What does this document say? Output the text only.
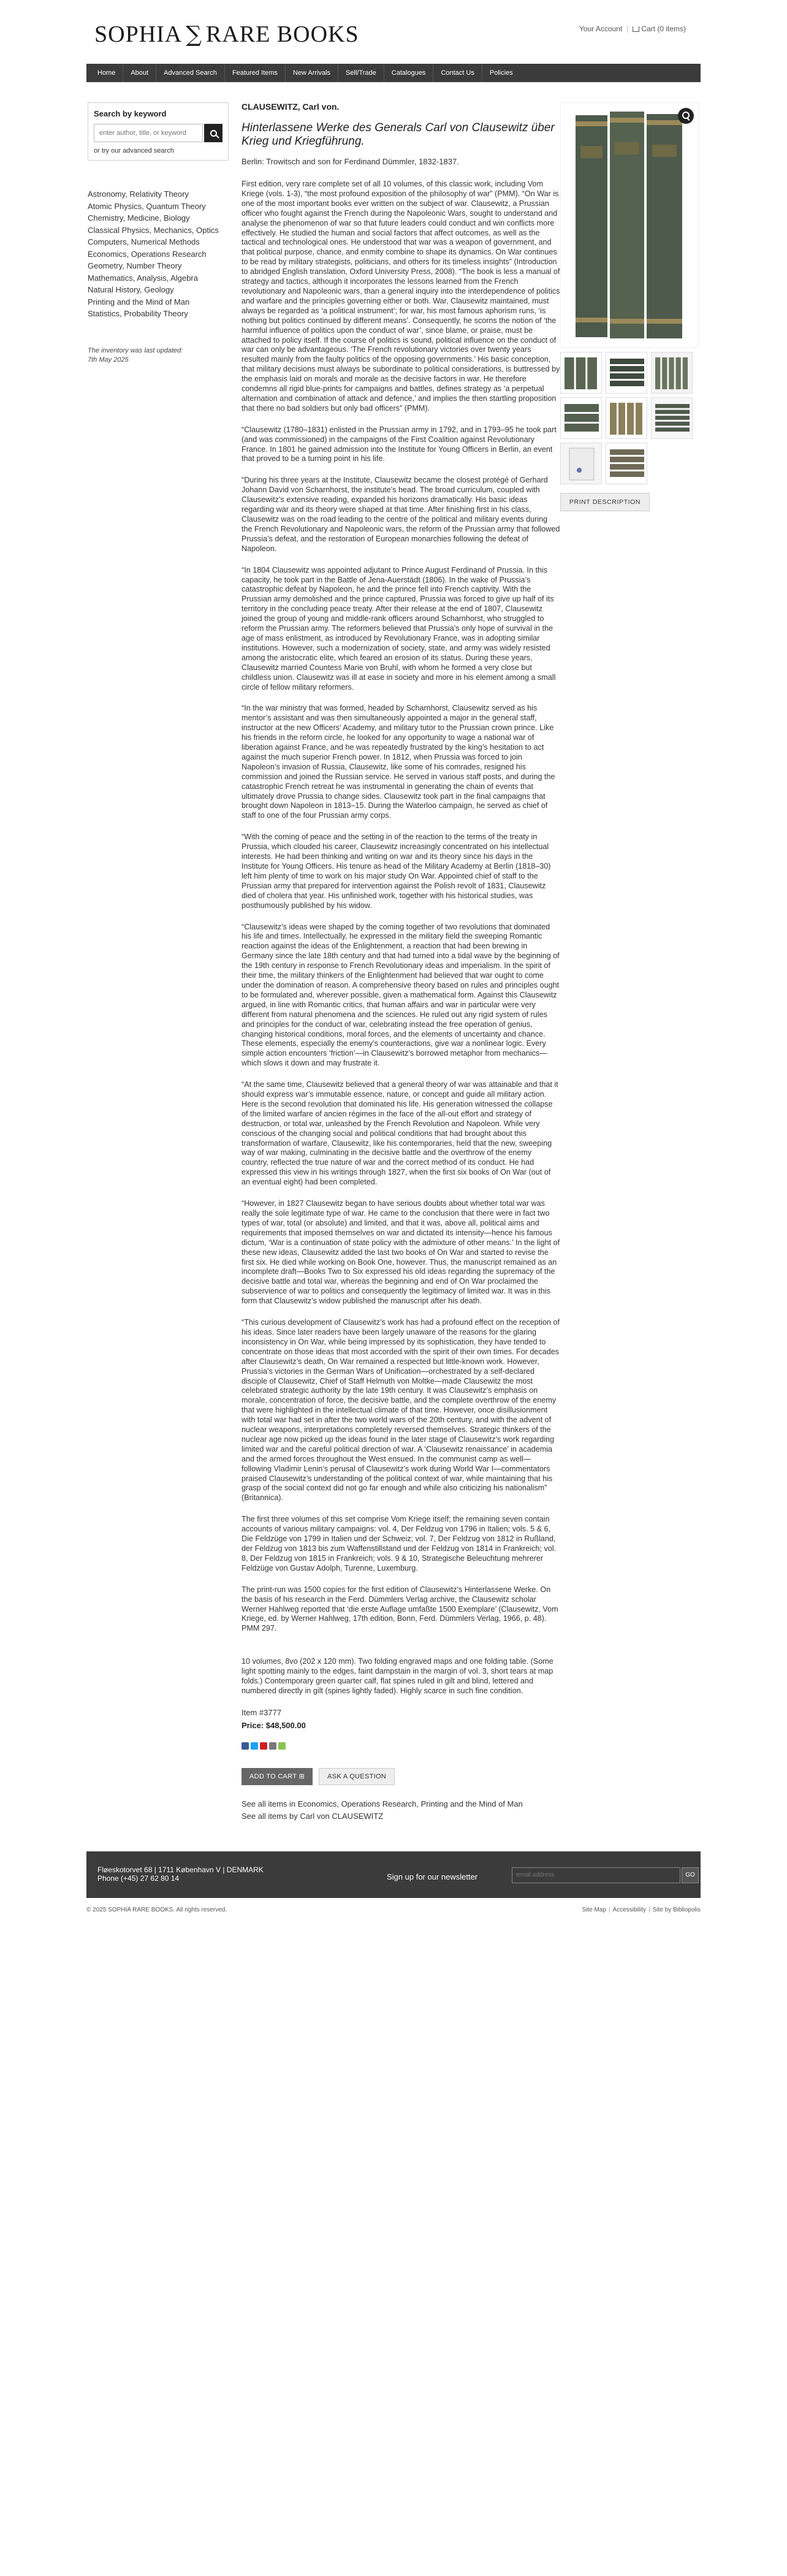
SOPHIA ∑ RARE BOOKS	Your Account | Cart (0 items)
Home	About	Advanced Search	Featured Items	New Arrivals	Sell/Trade	Catalogues	Contact Us	Policies
Search by keyword
enter author, title, or keyword
or try our advanced search
Astronomy, Relativity Theory
Atomic Physics, Quantum Theory
Chemistry, Medicine, Biology
Classical Physics, Mechanics, Optics
Computers, Numerical Methods
Economics, Operations Research
Geometry, Number Theory
Mathematics, Analysis, Algebra
Natural History, Geology
Printing and the Mind of Man
Statistics, Probability Theory
The inventory was last updated:
7th May 2025
CLAUSEWITZ, Carl von.
Hinterlassene Werke des Generals Carl von Clausewitz über Krieg und Kriegführung.
Berlin: Trowitsch and son for Ferdinand Dümmler, 1832-1837.

First edition, very rare complete set of all 10 volumes, of this classic work, including Vom Kriege (vols. 1-3), “the most profound exposition of the philosophy of war” (PMM). “On War is one of the most important books ever written on the subject of war. Clausewitz, a Prussian officer who fought against the French during the Napoleonic Wars, sought to understand and analyse the phenomenon of war so that future leaders could conduct and win conflicts more effectively. He studied the human and social factors that affect outcomes, as well as the tactical and technological ones. He understood that war was a weapon of government, and that political purpose, chance, and enmity combine to shape its dynamics. On War continues to be read by military strategists, politicians, and others for its timeless insights” (Introduction to abridged English translation, Oxford University Press, 2008). “The book is less a manual of strategy and tactics, although it incorporates the lessons learned from the French revolutionary and Napoleonic wars, than a general inquiry into the interdependence of politics and warfare and the principles governing either or both. War, Clausewitz maintained, must always be regarded as ‘a political instrument’; for war, his most famous aphorism runs, ‘is nothing but politics continued by different means’. Consequently, he scorns the notion of ‘the harmful influence of politics upon the conduct of war’, since blame, or praise, must be attached to policy itself. If the course of politics is sound, political influence on the conduct of war can only be advantageous. ‘The French revolutionary victories over twenty years resulted mainly from the faulty politics of the opposing governments.’ His basic conception, that military decisions must always be subordinate to political considerations, is buttressed by the emphasis laid on morals and morale as the decisive factors in war. He therefore condemns all rigid blue-prints for campaigns and battles, defines strategy as ‘a perpetual alternation and combination of attack and defence,’ and implies the then startling proposition that there no bad soldiers but only bad officers” (PMM).

“Clausewitz (1780–1831) enlisted in the Prussian army in 1792, and in 1793–95 he took part (and was commissioned) in the campaigns of the First Coalition against Revolutionary France. In 1801 he gained admission into the Institute for Young Officers in Berlin, an event that proved to be a turning point in his life.

“During his three years at the Institute, Clausewitz became the closest protégé of Gerhard Johann David von Scharnhorst, the institute’s head. The broad curriculum, coupled with Clausewitz’s extensive reading, expanded his horizons dramatically. His basic ideas regarding war and its theory were shaped at that time. After finishing first in his class, Clausewitz was on the road leading to the centre of the political and military events during the French Revolutionary and Napoleonic wars, the reform of the Prussian army that followed Prussia’s defeat, and the restoration of European monarchies following the defeat of Napoleon.

“In 1804 Clausewitz was appointed adjutant to Prince August Ferdinand of Prussia. In this capacity, he took part in the Battle of Jena-Auerstädt (1806). In the wake of Prussia’s catastrophic defeat by Napoleon, he and the prince fell into French captivity. With the Prussian army demolished and the prince captured, Prussia was forced to give up half of its territory in the concluding peace treaty. After their release at the end of 1807, Clausewitz joined the group of young and middle-rank officers around Scharnhorst, who struggled to reform the Prussian army. The reformers believed that Prussia’s only hope of survival in the age of mass enlistment, as introduced by Revolutionary France, was in adopting similar institutions. However, such a modernization of society, state, and army was widely resisted among the aristocratic elite, which feared an erosion of its status. During these years, Clausewitz married Countess Marie von Bruhl, with whom he formed a very close but childless union. Clausewitz was ill at ease in society and more in his element among a small circle of fellow military reformers.

“In the war ministry that was formed, headed by Scharnhorst, Clausewitz served as his mentor’s assistant and was then simultaneously appointed a major in the general staff, instructor at the new Officers’ Academy, and military tutor to the Prussian crown prince. Like his friends in the reform circle, he looked for any opportunity to wage a national war of liberation against France, and he was repeatedly frustrated by the king’s hesitation to act against the much superior French power. In 1812, when Prussia was forced to join Napoleon’s invasion of Russia, Clausewitz, like some of his comrades, resigned his commission and joined the Russian service. He served in various staff posts, and during the catastrophic French retreat he was instrumental in generating the chain of events that ultimately drove Prussia to change sides. Clausewitz took part in the final campaigns that brought down Napoleon in 1813–15. During the Waterloo campaign, he served as chief of staff to one of the four Prussian army corps.

“With the coming of peace and the setting in of the reaction to the terms of the treaty in Prussia, which clouded his career, Clausewitz increasingly concentrated on his intellectual interests. He had been thinking and writing on war and its theory since his days in the Institute for Young Officers. His tenure as head of the Military Academy at Berlin (1818–30) left him plenty of time to work on his major study On War. Appointed chief of staff to the Prussian army that prepared for intervention against the Polish revolt of 1831, Clausewitz died of cholera that year. His unfinished work, together with his historical studies, was posthumously published by his widow.

“Clausewitz’s ideas were shaped by the coming together of two revolutions that dominated his life and times. Intellectually, he expressed in the military field the sweeping Romantic reaction against the ideas of the Enlightenment, a reaction that had been brewing in Germany since the late 18th century and that had turned into a tidal wave by the beginning of the 19th century in response to French Revolutionary ideas and imperialism. In the spirit of their time, the military thinkers of the Enlightenment had believed that war ought to come under the domination of reason. A comprehensive theory based on rules and principles ought to be formulated and, wherever possible, given a mathematical form. Against this Clausewitz argued, in line with Romantic critics, that human affairs and war in particular were very different from natural phenomena and the sciences. He ruled out any rigid system of rules and principles for the conduct of war, celebrating instead the free operation of genius, changing historical conditions, moral forces, and the elements of uncertainty and chance. These elements, especially the enemy’s counteractions, give war a nonlinear logic. Every simple action encounters ‘friction’—in Clausewitz’s borrowed metaphor from mechanics—which slows it down and may frustrate it.

“At the same time, Clausewitz believed that a general theory of war was attainable and that it should express war’s immutable essence, nature, or concept and guide all military action. Here is the second revolution that dominated his life. His generation witnessed the collapse of the limited warfare of ancien régimes in the face of the all-out effort and strategy of destruction, or total war, unleashed by the French Revolution and Napoleon. While very conscious of the changing social and political conditions that had brought about this transformation of warfare, Clausewitz, like his contemporaries, held that the new, sweeping way of war making, culminating in the decisive battle and the overthrow of the enemy country, reflected the true nature of war and the correct method of its conduct. He had expressed this view in his writings through 1827, when the first six books of On War (out of an eventual eight) had been completed.

“However, in 1827 Clausewitz began to have serious doubts about whether total war was really the sole legitimate type of war. He came to the conclusion that there were in fact two types of war, total (or absolute) and limited, and that it was, above all, political aims and requirements that imposed themselves on war and dictated its intensity—hence his famous dictum, ‘War is a continuation of state policy with the admixture of other means.’ In the light of these new ideas, Clausewitz added the last two books of On War and started to revise the first six. He died while working on Book One, however. Thus, the manuscript remained as an incomplete draft—Books Two to Six expressed his old ideas regarding the supremacy of the decisive battle and total war, whereas the beginning and end of On War proclaimed the subservience of war to politics and consequently the legitimacy of limited war. It was in this form that Clausewitz’s widow published the manuscript after his death.

“This curious development of Clausewitz’s work has had a profound effect on the reception of his ideas. Since later readers have been largely unaware of the reasons for the glaring inconsistency in On War, while being impressed by its sophistication, they have tended to concentrate on those ideas that most accorded with the spirit of their own times. For decades after Clausewitz’s death, On War remained a respected but little-known work. However, Prussia’s victories in the German Wars of Unification—orchestrated by a self-declared disciple of Clausewitz, Chief of Staff Helmuth von Moltke—made Clausewitz the most celebrated strategic authority by the late 19th century. It was Clausewitz’s emphasis on morale, concentration of force, the decisive battle, and the complete overthrow of the enemy that were highlighted in the intellectual climate of that time. However, once disillusionment with total war had set in after the two world wars of the 20th century, and with the advent of nuclear weapons, interpretations completely reversed themselves. Strategic thinkers of the nuclear age now picked up the ideas found in the later stage of Clausewitz’s work regarding limited war and the careful political direction of war. A ‘Clausewitz renaissance’ in academia and the armed forces throughout the West ensued. In the communist camp as well—following Vladimir Lenin’s perusal of Clausewitz’s work during World War I—commentators praised Clausewitz’s understanding of the political context of war, while maintaining that his grasp of the social context did not go far enough and while also criticizing his nationalism” (Britannica).

The first three volumes of this set comprise Vom Kriege itself; the remaining seven contain accounts of various military campaigns: vol. 4, Der Feldzug von 1796 in Italien; vols. 5 & 6, Die Feldzüge von 1799 in Italien und der Schweiz; vol. 7, Der Feldzug von 1812 in Rußland, der Feldzug von 1813 bis zum Waffenstillstand und der Feldzug von 1814 in Frankreich; vol. 8, Der Feldzug von 1815 in Frankreich; vols. 9 & 10, Strategische Beleuchtung mehrerer Feldzüge von Gustav Adolph, Turenne, Luxemburg.

The print-run was 1500 copies for the first edition of Clausewitz’s Hinterlassene Werke. On the basis of his research in the Ferd. Dümmlers Verlag archive, the Clausewitz scholar Werner Hahlweg reported that ‘die erste Auflage umfaßte 1500 Exemplare’ (Clausewitz, Vom Kriege, ed. by Werner Hahlweg, 17th edition, Bonn, Ferd. Dümmlers Verlag, 1966, p. 48). PMM 297.

10 volumes, 8vo (202 x 120 mm). Two folding engraved maps and one folding table. (Some light spotting mainly to the edges, faint dampstain in the margin of vol. 3, short tears at map folds.) Contemporary green quarter calf, flat spines ruled in gilt and blind, lettered and numbered directly in gilt (spines lightly faded). Highly scarce in such fine condition.

Item #3777
Price: $48,500.00
ADD TO CART
⊞	ASK A QUESTION
See all items in Economics, Operations Research, Printing and the Mind of Man
See all items by Carl von CLAUSEWITZ
PRINT DESCRIPTION
Fløeskotorvet 68 | 1711 København V | DENMARK
Phone (+45) 27 62 80 14	Sign up for our newsletter
email address	GO
© 2025 SOPHIA RARE BOOKS. All rights reserved.	Site Map | Accessibility | Site by Bibliopolis
